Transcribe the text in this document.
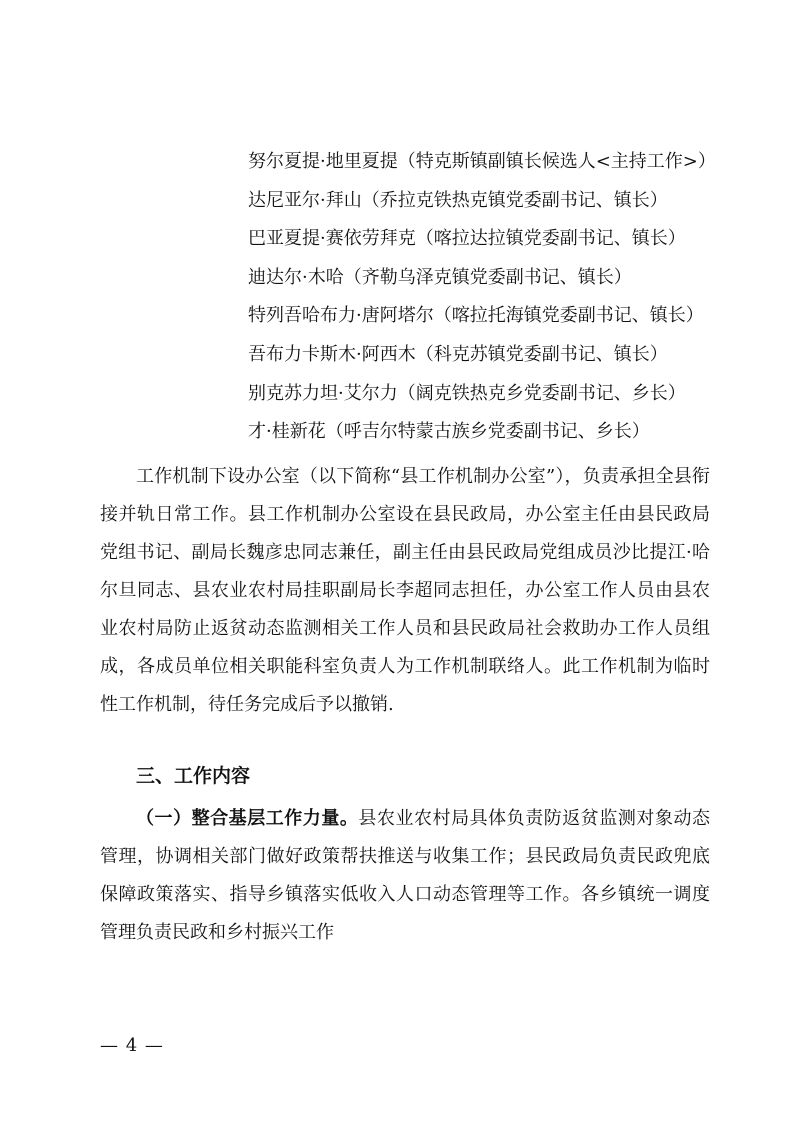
努尔夏提·地里夏提（特克斯镇副镇长候选人<主持工作>）
达尼亚尔·拜山（乔拉克铁热克镇党委副书记、镇长）
巴亚夏提·赛依劳拜克（喀拉达拉镇党委副书记、镇长）
迪达尔·木哈（齐勒乌泽克镇党委副书记、镇长）
特列吾哈布力·唐阿塔尔（喀拉托海镇党委副书记、镇长）
吾布力卡斯木·阿西木（科克苏镇党委副书记、镇长）
别克苏力坦·艾尔力（阔克铁热克乡党委副书记、乡长）
才·桂新花（呼吉尔特蒙古族乡党委副书记、乡长）

工作机制下设办公室（以下简称“县工作机制办公室”），负责承担全县衔接并轨日常工作。县工作机制办公室设在县民政局，办公室主任由县民政局党组书记、副局长魏彦忠同志兼任，副主任由县民政局党组成员沙比提江·哈尔旦同志、县农业农村局挂职副局长李超同志担任，办公室工作人员由县农业农村局防止返贫动态监测相关工作人员和县民政局社会救助办工作人员组成，各成员单位相关职能科室负责人为工作机制联络人。此工作机制为临时性工作机制，待任务完成后予以撤销.

三、工作内容

（一）整合基层工作力量。县农业农村局具体负责防返贫监测对象动态管理，协调相关部门做好政策帮扶推送与收集工作；县民政局负责民政兜底保障政策落实、指导乡镇落实低收入人口动态管理等工作。各乡镇统一调度管理负责民政和乡村振兴工作

— 4 —
